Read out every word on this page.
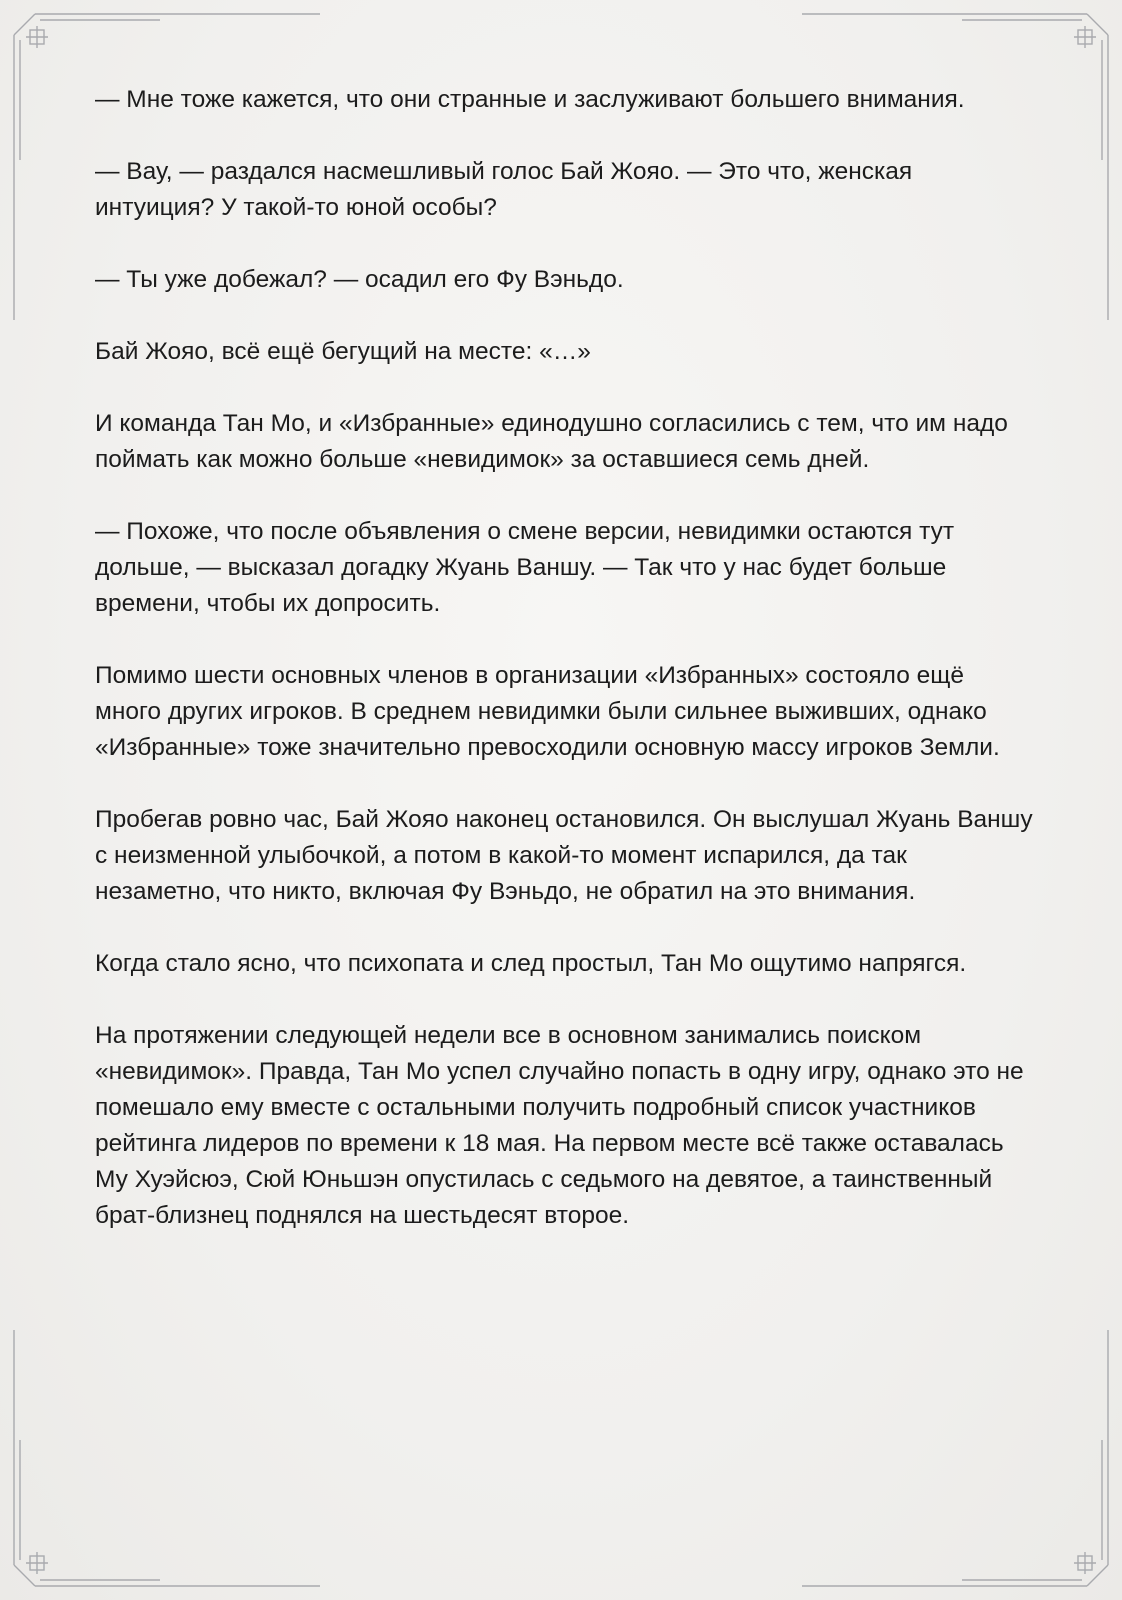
— Мне тоже кажется, что они странные и заслуживают большего внимания.

— Вау, — раздался насмешливый голос Бай Жояо. — Это что, женская интуиция? У такой-то юной особы?

— Ты уже добежал? — осадил его Фу Вэньдо.

Бай Жояо, всё ещё бегущий на месте: «…»

И команда Тан Мо, и «Избранные» единодушно согласились с тем, что им надо поймать как можно больше «невидимок» за оставшиеся семь дней.

— Похоже, что после объявления о смене версии, невидимки остаются тут дольше, — высказал догадку Жуань Ваншу. — Так что у нас будет больше времени, чтобы их допросить.

Помимо шести основных членов в организации «Избранных» состояло ещё много других игроков. В среднем невидимки были сильнее выживших, однако «Избранные» тоже значительно превосходили основную массу игроков Земли.

Пробегав ровно час, Бай Жояо наконец остановился. Он выслушал Жуань Ваншу с неизменной улыбочкой, а потом в какой-то момент испарился, да так незаметно, что никто, включая Фу Вэньдо, не обратил на это внимания.

Когда стало ясно, что психопата и след простыл, Тан Мо ощутимо напрягся.

На протяжении следующей недели все в основном занимались поиском «невидимок». Правда, Тан Мо успел случайно попасть в одну игру, однако это не помешало ему вместе с остальными получить подробный список участников рейтинга лидеров по времени к 18 мая. На первом месте всё также оставалась Му Хуэйсюэ, Сюй Юньшэн опустилась с седьмого на девятое, а таинственный брат-близнец поднялся на шестьдесят второе.
